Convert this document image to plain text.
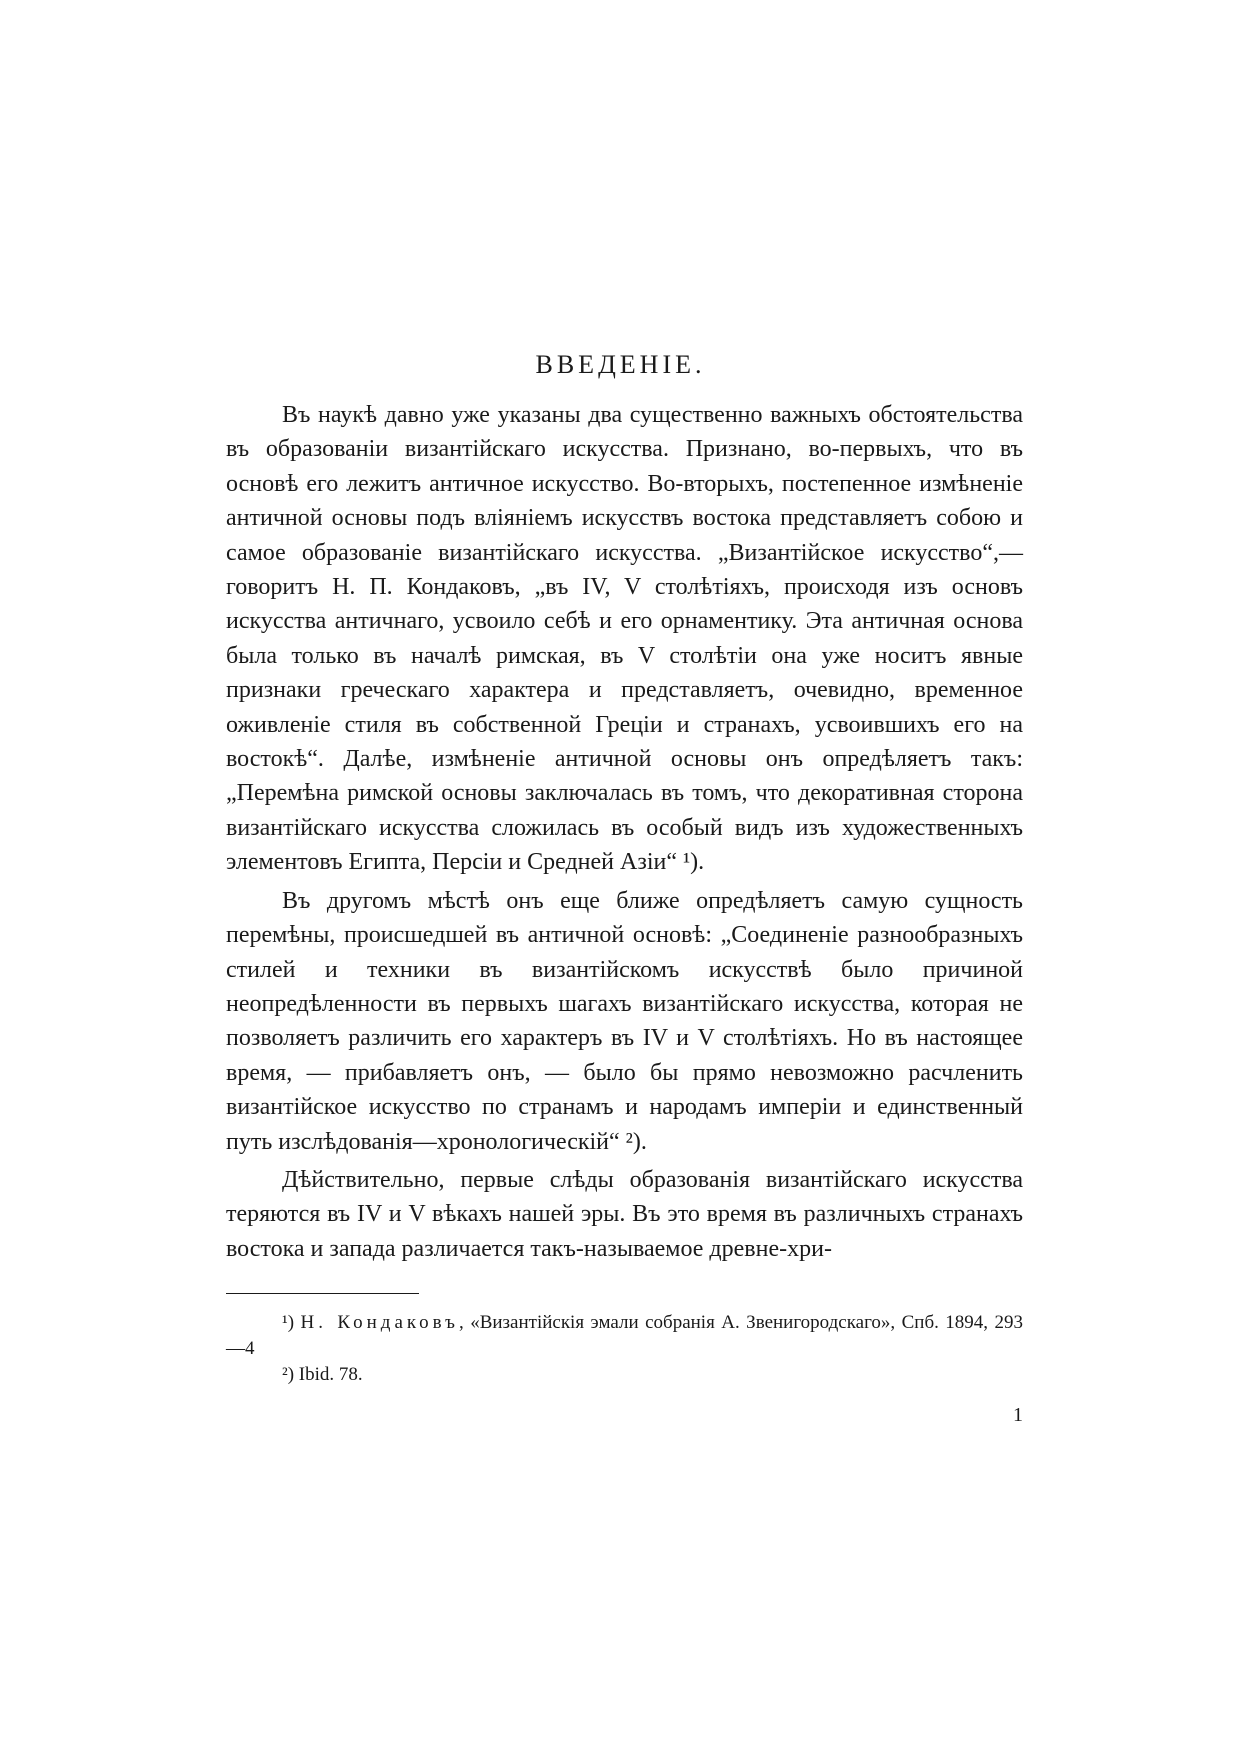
ВВЕДЕНІЕ.

Въ наукѣ давно уже указаны два существенно важныхъ обстоятельства въ образованіи византійскаго искусства. Признано, во-первыхъ, что въ основѣ его лежитъ античное искусство. Во-вторыхъ, постепенное измѣненіе античной основы подъ вліяніемъ искусствъ востока представляетъ собою и самое образованіе византійскаго искусства. „Византійское искусство“,—говоритъ Н. П. Кондаковъ, „въ IV, V столѣтіяхъ, происходя изъ основъ искусства античнаго, усвоило себѣ и его орнаментику. Эта античная основа была только въ началѣ римская, въ V столѣтіи она уже носитъ явные признаки греческаго характера и представляетъ, очевидно, временное оживленіе стиля въ собственной Греціи и странахъ, усвоившихъ его на востокѣ“. Далѣе, измѣненіе античной основы онъ опредѣляетъ такъ: „Перемѣна римской основы заключалась въ томъ, что декоративная сторона византійскаго искусства сложилась въ особый видъ изъ художественныхъ элементовъ Египта, Персіи и Средней Азіи“ ¹).

Въ другомъ мѣстѣ онъ еще ближе опредѣляетъ самую сущность перемѣны, происшедшей въ античной основѣ: „Соединеніе разнообразныхъ стилей и техники въ византійскомъ искусствѣ было причиной неопредѣленности въ первыхъ шагахъ византійскаго искусства, которая не позволяетъ различить его характеръ въ IV и V столѣтіяхъ. Но въ настоящее время, — прибавляетъ онъ, — было бы прямо невозможно расчленить византійское искусство по странамъ и народамъ имперіи и единственный путь изслѣдованія—хронологическій“ ²).

Дѣйствительно, первые слѣды образованія византійскаго искусства теряются въ IV и V вѣкахъ нашей эры. Въ это время въ различныхъ странахъ востока и запада различается такъ-называемое древне-хри-

¹) Н. Кондаковъ, «Византійскія эмали собранія А. Звенигородскаго», Спб. 1894, 293—4

²) Ibid. 78.

1
